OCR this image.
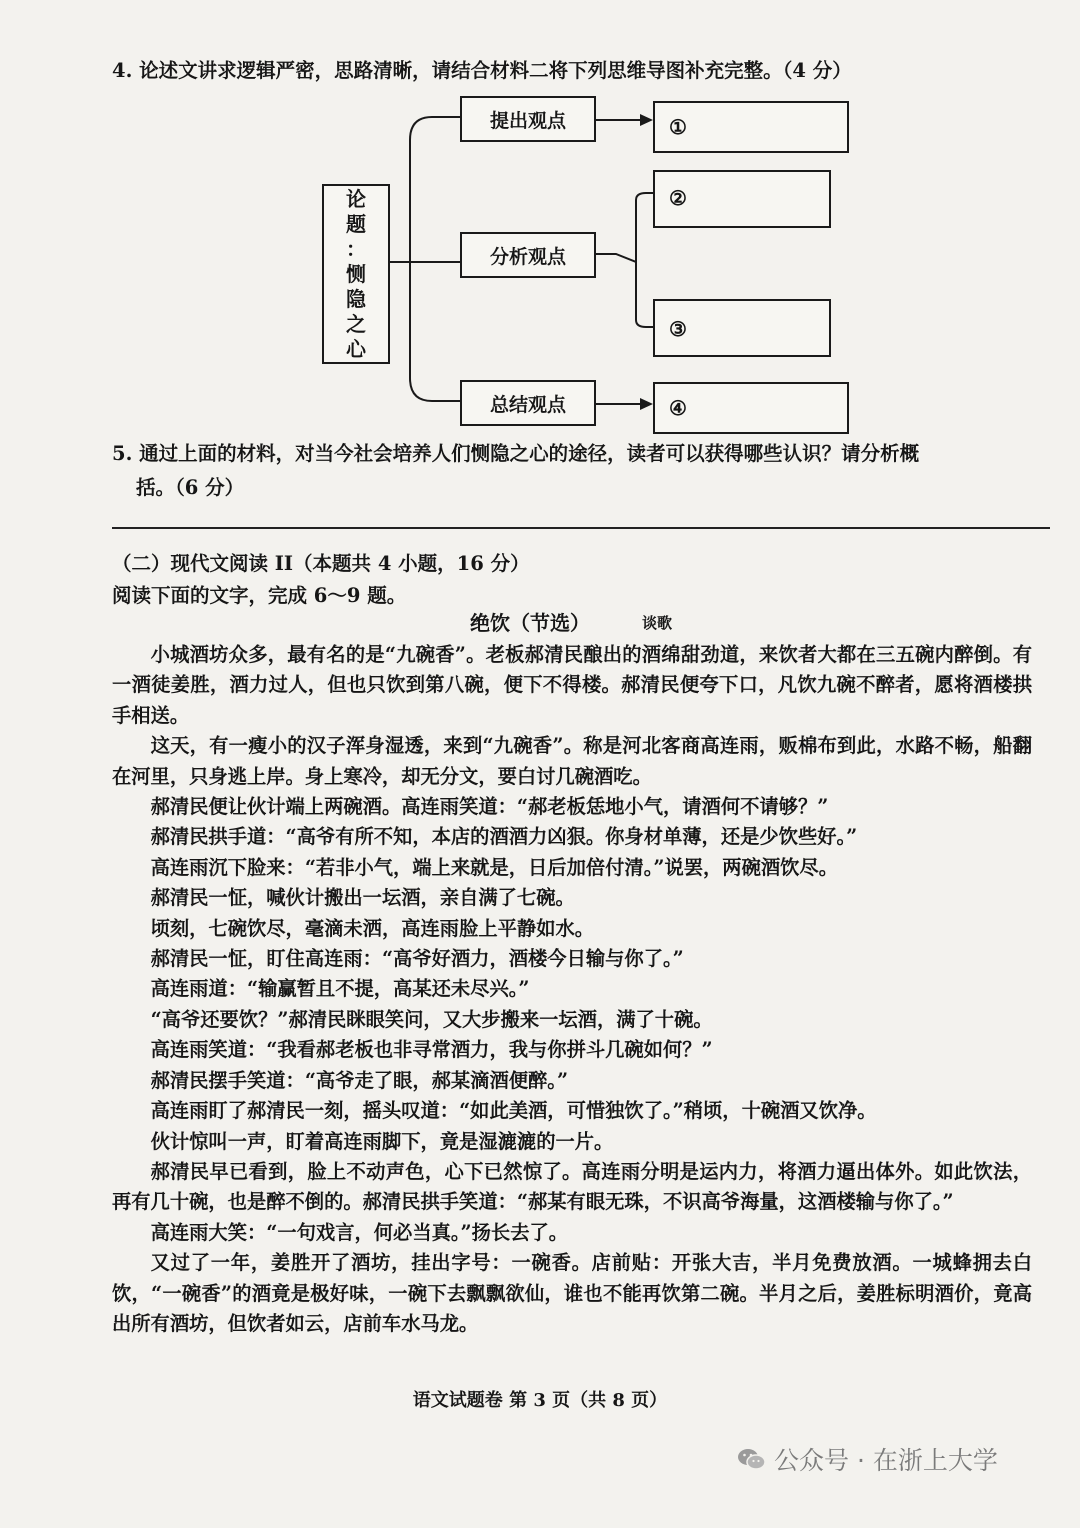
4. 论述文讲求逻辑严密，思路清晰，请结合材料二将下列思维导图补充完整。（4 分）
论
题
：
恻
隐
之
心
提出观点
分析观点
总结观点
①
②
③
④
5. 通过上面的材料，对当今社会培养人们恻隐之心的途径，读者可以获得哪些认识？请分析概
括。（6 分）
（二）现代文阅读 II（本题共 4 小题，16 分）
阅读下面的文字，完成 6～9 题。
绝饮（节选）	谈歌

小城酒坊众多，最有名的是“九碗香”。老板郝清民酿出的酒绵甜劲道，来饮者大都在三五碗内醉倒。有一酒徒姜胜，酒力过人，但也只饮到第八碗，便下不得楼。郝清民便夸下口，凡饮九碗不醉者，愿将酒楼拱手相送。

这天，有一瘦小的汉子浑身湿透，来到“九碗香”。称是河北客商高连雨，贩棉布到此，水路不畅，船翻在河里，只身逃上岸。身上寒冷，却无分文，要白讨几碗酒吃。

郝清民便让伙计端上两碗酒。高连雨笑道：“郝老板恁地小气，请酒何不请够？”

郝清民拱手道：“高爷有所不知，本店的酒酒力凶狠。你身材单薄，还是少饮些好。”

高连雨沉下脸来：“若非小气，端上来就是，日后加倍付清。”说罢，两碗酒饮尽。

郝清民一怔，喊伙计搬出一坛酒，亲自满了七碗。

顷刻，七碗饮尽，毫滴未洒，高连雨脸上平静如水。

郝清民一怔，盯住高连雨：“高爷好酒力，酒楼今日输与你了。”

高连雨道：“输赢暂且不提，高某还未尽兴。”

“高爷还要饮？”郝清民眯眼笑问，又大步搬来一坛酒，满了十碗。

高连雨笑道：“我看郝老板也非寻常酒力，我与你拼斗几碗如何？”

郝清民摆手笑道：“高爷走了眼，郝某滴酒便醉。”

高连雨盯了郝清民一刻，摇头叹道：“如此美酒，可惜独饮了。”稍顷，十碗酒又饮净。

伙计惊叫一声，盯着高连雨脚下，竟是湿漉漉的一片。

郝清民早已看到，脸上不动声色，心下已然惊了。高连雨分明是运内力，将酒力逼出体外。如此饮法，再有几十碗，也是醉不倒的。郝清民拱手笑道：“郝某有眼无珠，不识高爷海量，这酒楼输与你了。”

高连雨大笑：“一句戏言，何必当真。”扬长去了。

又过了一年，姜胜开了酒坊，挂出字号：一碗香。店前贴：开张大吉，半月免费放酒。一城蜂拥去白饮，“一碗香”的酒竟是极好味，一碗下去飘飘欲仙，谁也不能再饮第二碗。半月之后，姜胜标明酒价，竟高出所有酒坊，但饮者如云，店前车水马龙。

语文试题卷 第 3 页（共 8 页）
公众号 · 在浙上大学
